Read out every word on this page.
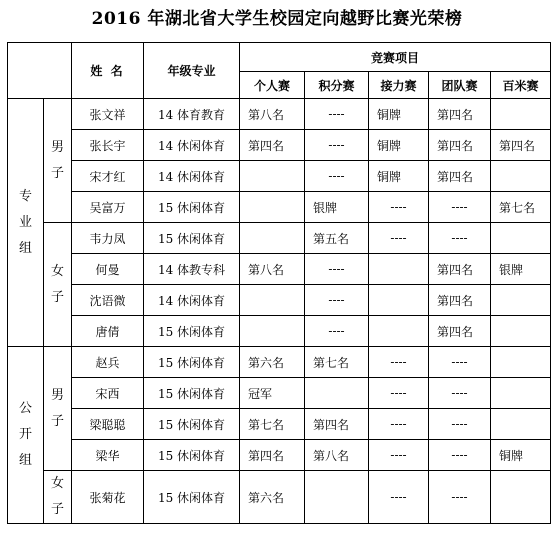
2016 年湖北省大学生校园定向越野比赛光荣榜
		姓 名	年级专业	竞赛项目				
				个人赛	积分赛	接力赛	团队赛	百米赛

专
业
组	男
子	张文祥	14 体育教育	第八名	----	铜牌	第四名	
		张长宇	14 休闲体育	第四名	----	铜牌	第四名	第四名
		宋才红	14 休闲体育		----	铜牌	第四名	
		吴富万	15 休闲体育		银牌	----	----	第七名

	女
子	韦力凤	15 休闲体育		第五名	----	----	
		何曼	14 体教专科	第八名	----		第四名	银牌
		沈语微	14 休闲体育		----		第四名	
		唐倩	15 休闲体育		----		第四名	

公
开
组	男
子	赵兵	15 休闲体育	第六名	第七名	----	----	
		宋西	15 休闲体育	冠军		----	----	
		梁聪聪	15 休闲体育	第七名	第四名	----	----	
		梁华	15 休闲体育	第四名	第八名	----	----	铜牌

	女
子	张菊花	15 休闲体育	第六名		----	----	
